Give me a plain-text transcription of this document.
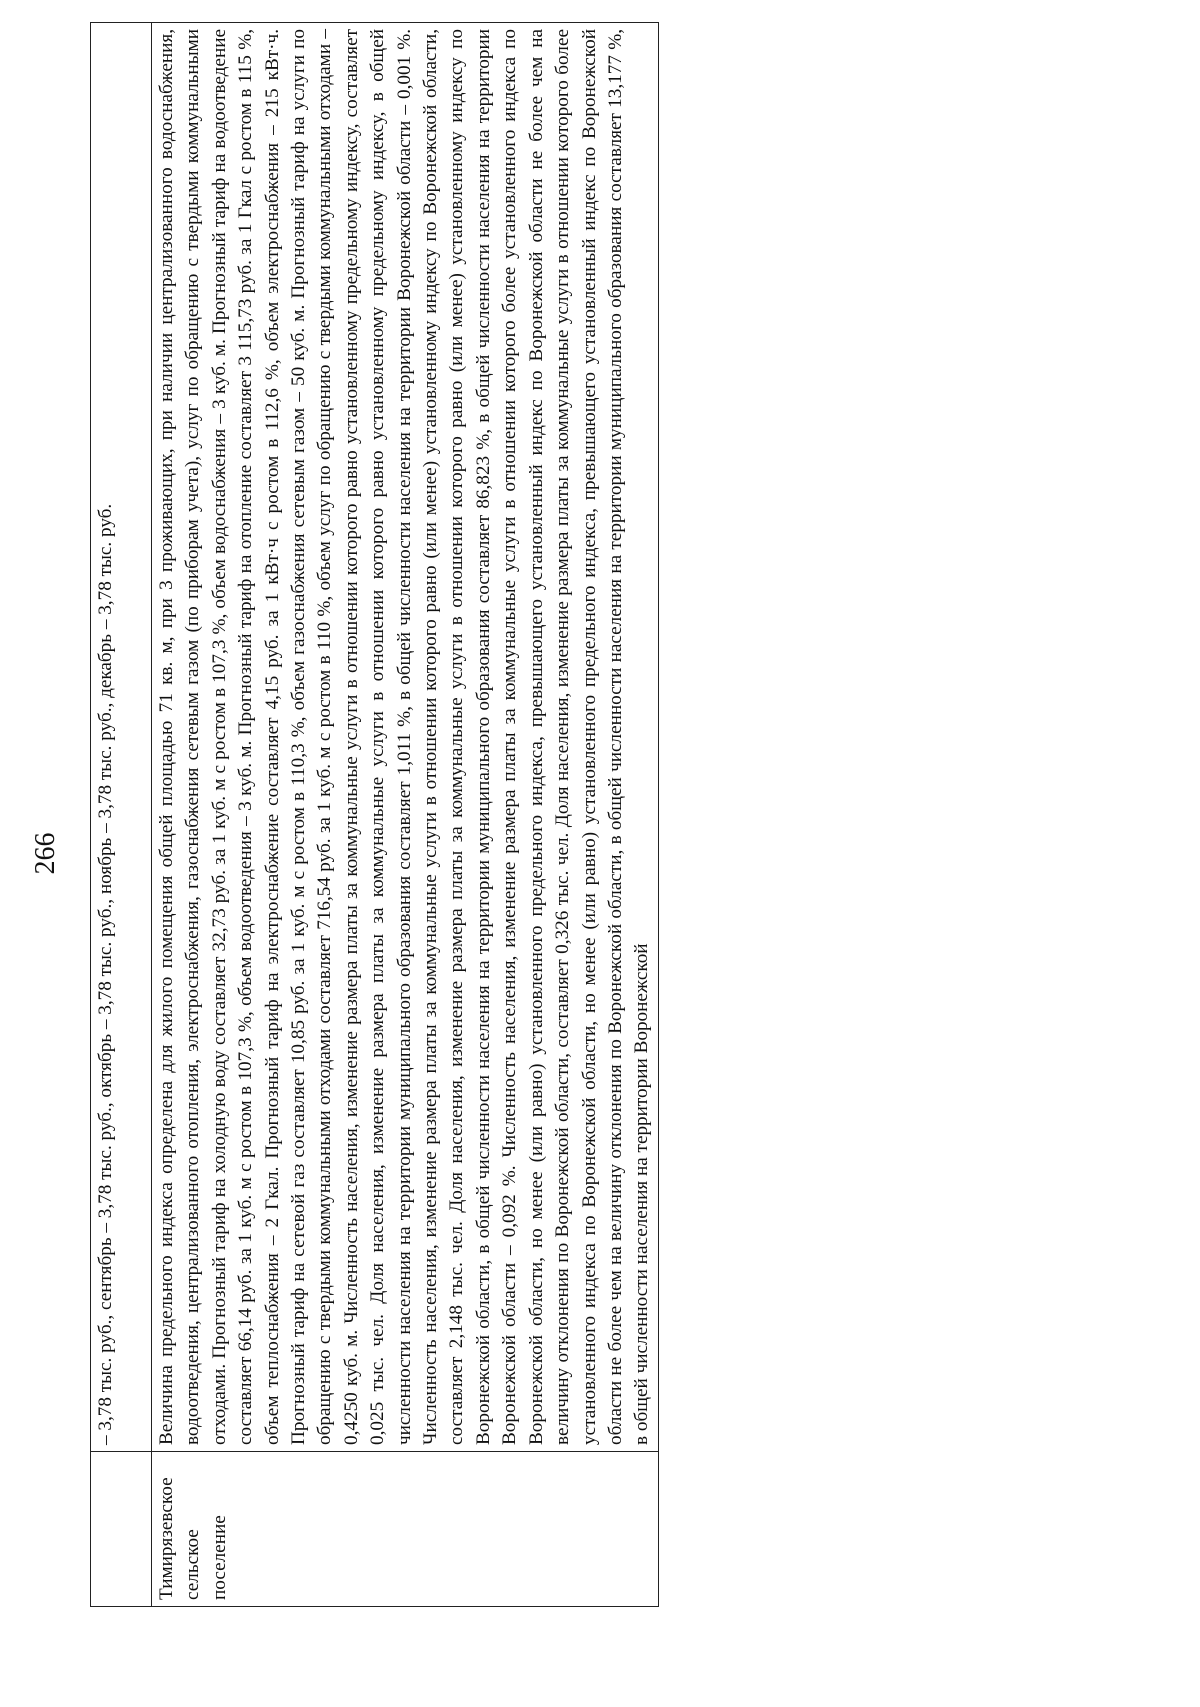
266
	– 3,78 тыс. руб., сентябрь – 3,78 тыс. руб., октябрь – 3,78 тыс. руб., ноябрь – 3,78 тыс. руб., декабрь – 3,78 тыс. руб.
Тимирязевское сельское поселение	Величина предельного индекса определена для жилого помещения общей площадью 71 кв. м, при 3 проживающих, при наличии централизованного водоснабжения, водоотведения, централизованного отопления, электроснабжения, газоснабжения сетевым газом (по приборам учета), услуг по обращению с твердыми коммунальными отходами. Прогнозный тариф на холодную воду составляет 32,73 руб. за 1 куб. м с ростом в 107,3 %, объем водоснабжения – 3 куб. м. Прогнозный тариф на водоотведение составляет 66,14 руб. за 1 куб. м с ростом в 107,3 %, объем водоотведения – 3 куб. м. Прогнозный тариф на отопление составляет 3 115,73 руб. за 1 Гкал с ростом в 115 %, объем теплоснабжения – 2 Гкал. Прогнозный тариф на электроснабжение составляет 4,15 руб. за 1 кВт·ч с ростом в 112,6 %, объем электроснабжения – 215 кВт·ч. Прогнозный тариф на сетевой газ составляет 10,85 руб. за 1 куб. м с ростом в 110,3 %, объем газоснабжения сетевым газом – 50 куб. м. Прогнозный тариф на услуги по обращению с твердыми коммунальными отходами составляет 716,54 руб. за 1 куб. м с ростом в 110 %, объем услуг по обращению с твердыми коммунальными отходами – 0,4250 куб. м. Численность населения, изменение размера платы за коммунальные услуги в отношении которого равно установленному предельному индексу, составляет 0,025 тыс. чел. Доля населения, изменение размера платы за коммунальные услуги в отношении которого равно установленному предельному индексу, в общей численности населения на территории муниципального образования составляет 1,011 %, в общей численности населения на территории Воронежской области – 0,001 %. Численность населения, изменение размера платы за коммунальные услуги в отношении которого равно (или менее) установленному индексу по Воронежской области, составляет 2,148 тыс. чел. Доля населения, изменение размера платы за коммунальные услуги в отношении которого равно (или менее) установленному индексу по Воронежской области, в общей численности населения на территории муниципального образования составляет 86,823 %, в общей численности населения на территории Воронежской области – 0,092 %. Численность населения, изменение размера платы за коммунальные услуги в отношении которого более установленного индекса по Воронежской области, но менее (или равно) установленного предельного индекса, превышающего установленный индекс по Воронежской области не более чем на величину отклонения по Воронежской области, составляет 0,326 тыс. чел. Доля населения, изменение размера платы за коммунальные услуги в отношении которого более установленного индекса по Воронежской области, но менее (или равно) установленного предельного индекса, превышающего установленный индекс по Воронежской области не более чем на величину отклонения по Воронежской области, в общей численности населения на территории муниципального образования составляет 13,177 %, в общей численности населения на территории Воронежской
